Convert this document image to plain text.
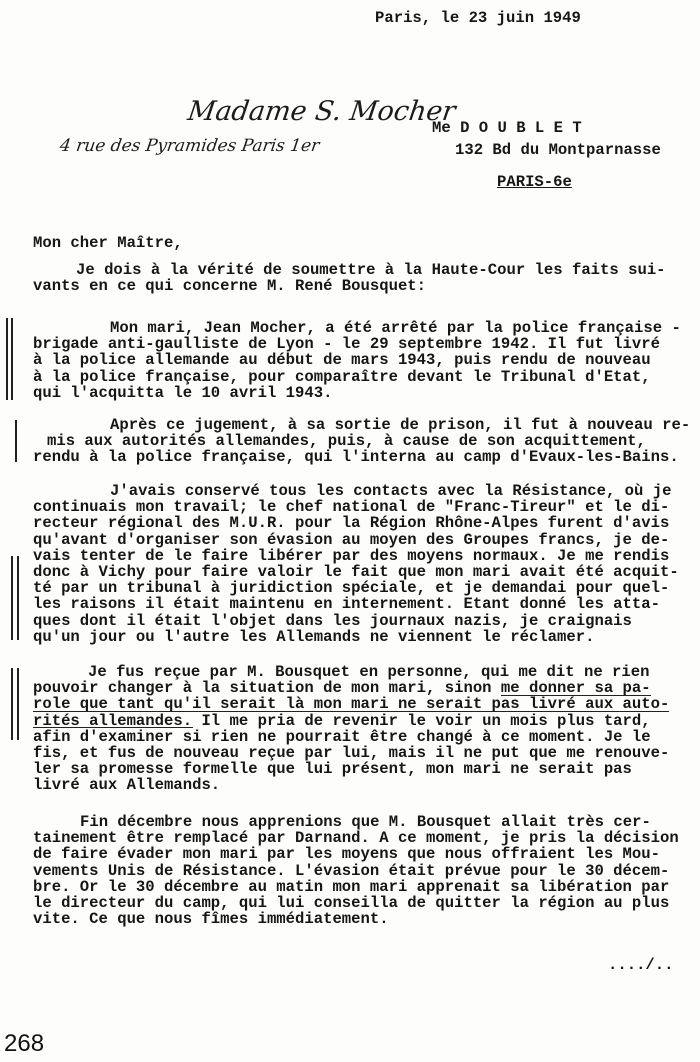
Paris, le 23 juin 1949
Madame S. Mocher
4 rue des Pyramides Paris 1er
Me D O U B L E T
132 Bd du Montparnasse
PARIS-6e
Mon cher Maître,
Je dois à la vérité de soumettre à la Haute-Cour les faits sui-
vants en ce qui concerne M. René Bousquet:
Mon mari, Jean Mocher, a été arrêté par la police française -
brigade anti-gaulliste de Lyon - le 29 septembre 1942. Il fut livré
à la police allemande au début de mars 1943, puis rendu de nouveau
à la police française, pour comparaître devant le Tribunal d'Etat,
qui l'acquitta le 10 avril 1943.
Après ce jugement, à sa sortie de prison, il fut à nouveau re-
mis aux autorités allemandes, puis, à cause de son acquittement,
rendu à la police française, qui l'interna au camp d'Evaux-les-Bains.
J'avais conservé tous les contacts avec la Résistance, où je
continuais mon travail; le chef national de "Franc-Tireur" et le di-
recteur régional des M.U.R. pour la Région Rhône-Alpes furent d'avis
qu'avant d'organiser son évasion au moyen des Groupes francs, je de-
vais tenter de le faire libérer par des moyens normaux. Je me rendis
donc à Vichy pour faire valoir le fait que mon mari avait été acquit-
té par un tribunal à juridiction spéciale, et je demandai pour quel-
les raisons il était maintenu en internement. Etant donné les atta-
ques dont il était l'objet dans les journaux nazis, je craignais
qu'un jour ou l'autre les Allemands ne viennent le réclamer.
Je fus reçue par M. Bousquet en personne, qui me dit ne rien
pouvoir changer à la situation de mon mari, sinon me donner sa pa-
role que tant qu'il serait là mon mari ne serait pas livré aux auto-
rités allemandes. Il me pria de revenir le voir un mois plus tard,
afin d'examiner si rien ne pourrait être changé à ce moment. Je le
fis, et fus de nouveau reçue par lui, mais il ne put que me renouve-
ler sa promesse formelle que lui présent, mon mari ne serait pas
livré aux Allemands.
Fin décembre nous apprenions que M. Bousquet allait très cer-
tainement être remplacé par Darnand. A ce moment, je pris la décision
de faire évader mon mari par les moyens que nous offraient les Mou-
vements Unis de Résistance. L'évasion était prévue pour le 30 décem-
bre. Or le 30 décembre au matin mon mari apprenait sa libération par
le directeur du camp, qui lui conseilla de quitter la région au plus
vite. Ce que nous fîmes immédiatement.
..../..
268
